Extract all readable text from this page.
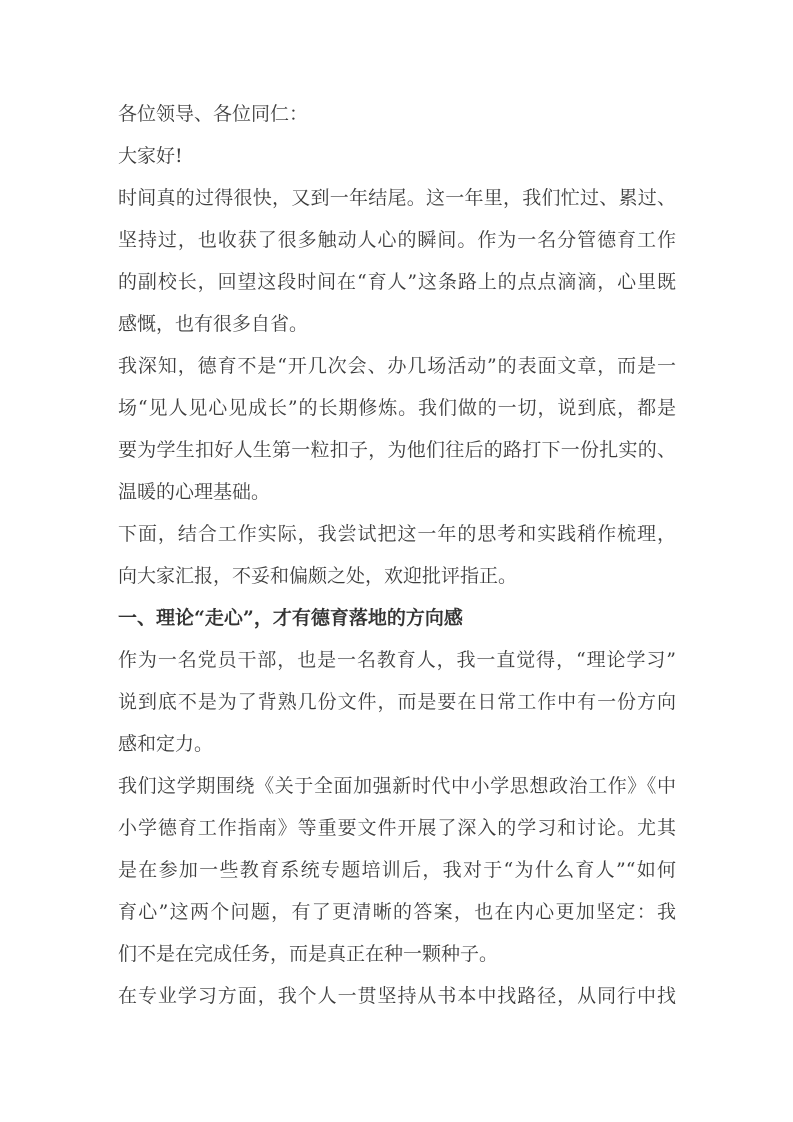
各位领导、各位同仁：
大家好!
时间真的过得很快，又到一年结尾。这一年里，我们忙过、累过、
坚持过，也收获了很多触动人心的瞬间。作为一名分管德育工作
的副校长，回望这段时间在“育人”这条路上的点点滴滴，心里既
感慨，也有很多自省。
我深知，德育不是“开几次会、办几场活动”的表面文章，而是一
场“见人见心见成长”的长期修炼。我们做的一切，说到底，都是
要为学生扣好人生第一粒扣子，为他们往后的路打下一份扎实的、
温暖的心理基础。
下面，结合工作实际，我尝试把这一年的思考和实践稍作梳理，
向大家汇报，不妥和偏颇之处，欢迎批评指正。
一、理论“走心”，才有德育落地的方向感
作为一名党员干部，也是一名教育人，我一直觉得，“理论学习”
说到底不是为了背熟几份文件，而是要在日常工作中有一份方向
感和定力。
我们这学期围绕《关于全面加强新时代中小学思想政治工作》《中
小学德育工作指南》等重要文件开展了深入的学习和讨论。尤其
是在参加一些教育系统专题培训后，我对于“为什么育人”“如何
育心”这两个问题，有了更清晰的答案，也在内心更加坚定：我
们不是在完成任务，而是真正在种一颗种子。
在专业学习方面，我个人一贯坚持从书本中找路径，从同行中找
